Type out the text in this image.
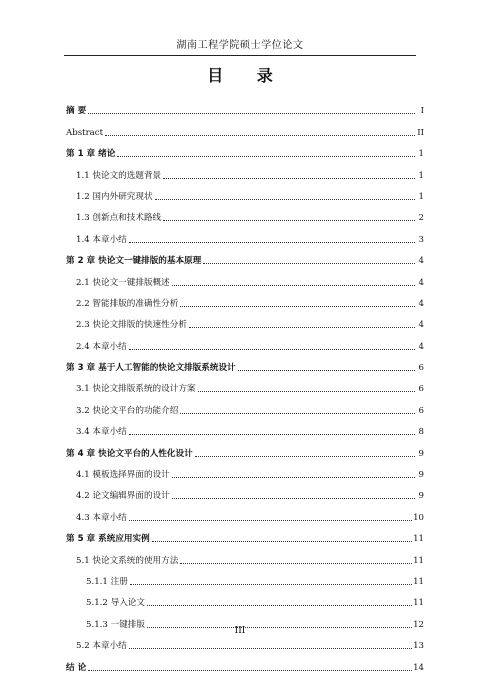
湖南工程学院硕士学位论文
目 录
摘 要	I
Abstract	II
第 1 章 绪论	1
1.1 快论文的选题背景	1
1.2 国内外研究现状	1
1.3 创新点和技术路线	2
1.4 本章小结	3
第 2 章 快论文一键排版的基本原理	4
2.1 快论文一键排版概述	4
2.2 智能排版的准确性分析	4
2.3 快论文排版的快速性分析	4
2.4 本章小结	4
第 3 章 基于人工智能的快论文排版系统设计	6
3.1 快论文排版系统的设计方案	6
3.2 快论文平台的功能介绍	6
3.4 本章小结	8
第 4 章 快论文平台的人性化设计	9
4.1 模板选择界面的设计	9
4.2 论文编辑界面的设计	9
4.3 本章小结	10
第 5 章 系统应用实例	11
5.1 快论文系统的使用方法	11
5.1.1 注册	11
5.1.2 导入论文	11
5.1.3 一键排版	12
5.2 本章小结	13
结 论	14
III
